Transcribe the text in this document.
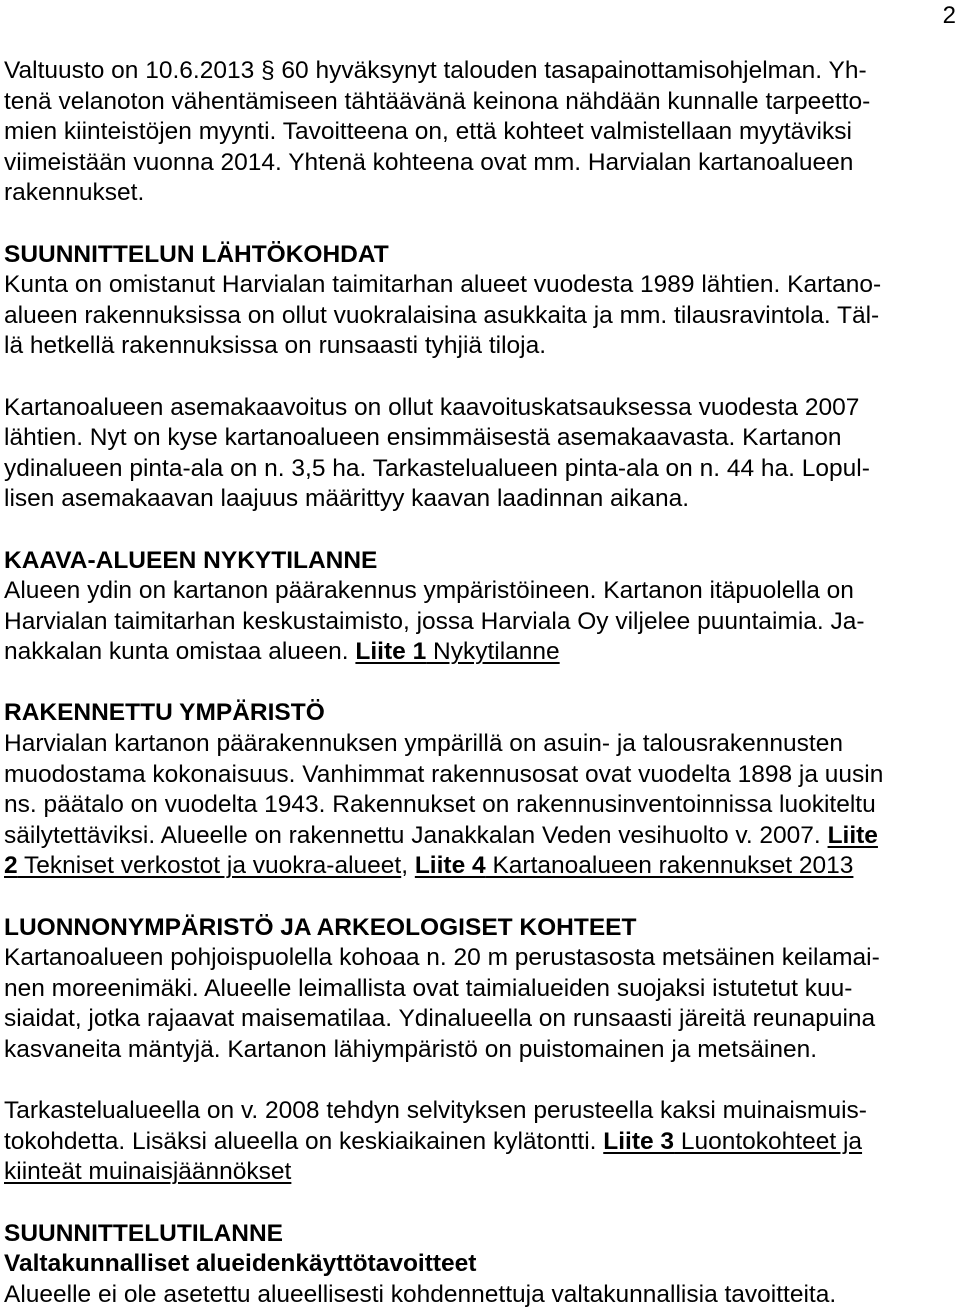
2

Valtuusto on 10.6.2013 § 60 hyväksynyt talouden tasapainottamisohjelman. Yh-

tenä velanoton vähentämiseen tähtäävänä keinona nähdään kunnalle tarpeetto-

mien kiinteistöjen myynti. Tavoitteena on, että kohteet valmistellaan myytäviksi

viimeistään vuonna 2014. Yhtenä kohteena ovat mm. Harvialan kartanoalueen

rakennukset.

SUUNNITTELUN LÄHTÖKOHDAT

Kunta on omistanut Harvialan taimitarhan alueet vuodesta 1989 lähtien. Kartano-

alueen rakennuksissa on ollut vuokralaisina asukkaita ja mm. tilausravintola. Täl-

lä hetkellä rakennuksissa on runsaasti tyhjiä tiloja.

Kartanoalueen asemakaavoitus on ollut kaavoituskatsauksessa vuodesta 2007

lähtien. Nyt on kyse kartanoalueen ensimmäisestä asemakaavasta. Kartanon

ydinalueen pinta-ala on n. 3,5 ha. Tarkastelualueen pinta-ala on n. 44 ha. Lopul-

lisen asemakaavan laajuus määrittyy kaavan laadinnan aikana.

KAAVA-ALUEEN NYKYTILANNE

Alueen ydin on kartanon päärakennus ympäristöineen. Kartanon itäpuolella on

Harvialan taimitarhan keskustaimisto, jossa Harviala Oy viljelee puuntaimia. Ja-

nakkalan kunta omistaa alueen. Liite 1 Nykytilanne

RAKENNETTU YMPÄRISTÖ

Harvialan kartanon päärakennuksen ympärillä on asuin- ja talousrakennusten

muodostama kokonaisuus. Vanhimmat rakennusosat ovat vuodelta 1898 ja uusin

ns. päätalo on vuodelta 1943. Rakennukset on rakennusinventoinnissa luokiteltu

säilytettäviksi. Alueelle on rakennettu Janakkalan Veden vesihuolto v. 2007. Liite

2 Tekniset verkostot ja vuokra-alueet, Liite 4 Kartanoalueen rakennukset 2013

LUONNONYMPÄRISTÖ JA ARKEOLOGISET KOHTEET

Kartanoalueen pohjoispuolella kohoaa n. 20 m perustasosta metsäinen keilamai-

nen moreenimäki. Alueelle leimallista ovat taimialueiden suojaksi istutetut kuu-

siaidat, jotka rajaavat maisematilaa. Ydinalueella on runsaasti järeitä reunapuina

kasvaneita mäntyjä. Kartanon lähiympäristö on puistomainen ja metsäinen.

Tarkastelualueella on v. 2008 tehdyn selvityksen perusteella kaksi muinaismuis-

tokohdetta. Lisäksi alueella on keskiaikainen kylätontti. Liite 3 Luontokohteet ja

kiinteät muinaisjäännökset

SUUNNITTELUTILANNE
Valtakunnalliset alueidenkäyttötavoitteet

Alueelle ei ole asetettu alueellisesti kohdennettuja valtakunnallisia tavoitteita.
